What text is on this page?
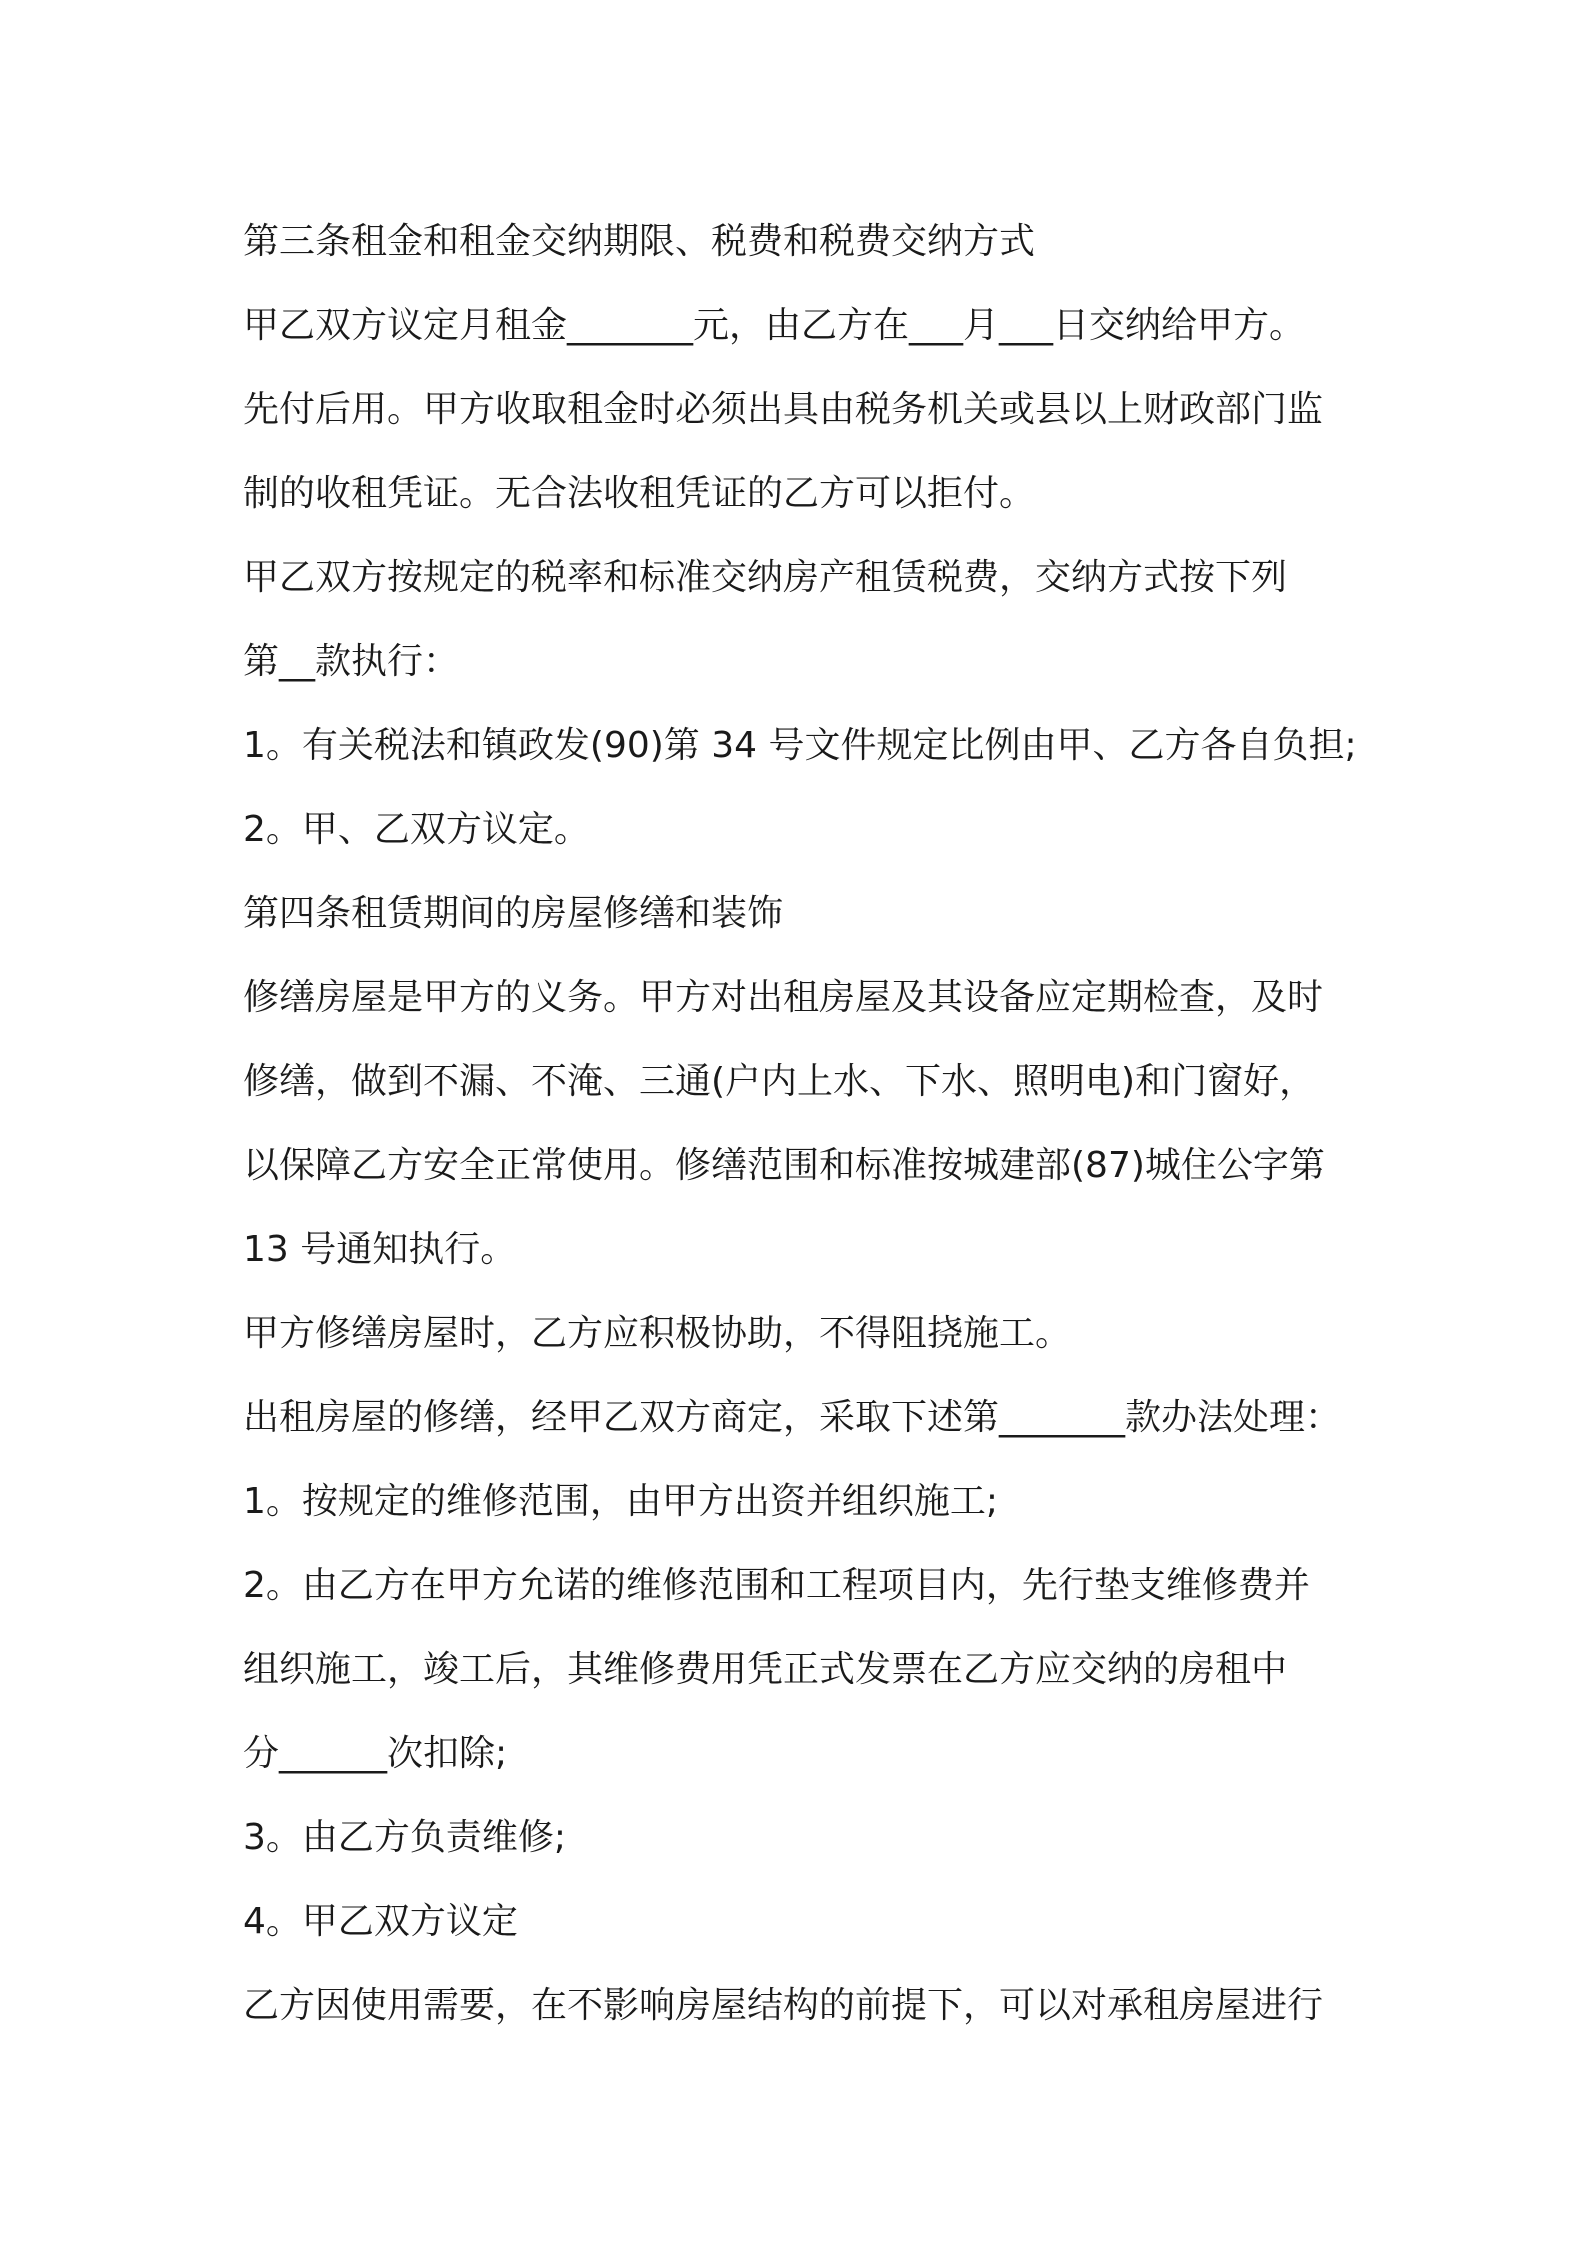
第三条租金和租金交纳期限、税费和税费交纳方式
甲乙双方议定月租金_______元，由乙方在___月___日交纳给甲方。
先付后用。甲方收取租金时必须出具由税务机关或县以上财政部门监
制的收租凭证。无合法收租凭证的乙方可以拒付。
甲乙双方按规定的税率和标准交纳房产租赁税费，交纳方式按下列
第__款执行：
1。有关税法和镇政发(90)第 34 号文件规定比例由甲、乙方各自负担;
2。甲、乙双方议定。
第四条租赁期间的房屋修缮和装饰
修缮房屋是甲方的义务。甲方对出租房屋及其设备应定期检查，及时
修缮，做到不漏、不淹、三通(户内上水、下水、照明电)和门窗好，
以保障乙方安全正常使用。修缮范围和标准按城建部(87)城住公字第
13 号通知执行。
甲方修缮房屋时，乙方应积极协助，不得阻挠施工。
出租房屋的修缮，经甲乙双方商定，采取下述第_______款办法处理：
1。按规定的维修范围，由甲方出资并组织施工;
2。由乙方在甲方允诺的维修范围和工程项目内，先行垫支维修费并
组织施工，竣工后，其维修费用凭正式发票在乙方应交纳的房租中
分______次扣除;
3。由乙方负责维修;
4。甲乙双方议定
乙方因使用需要，在不影响房屋结构的前提下，可以对承租房屋进行
